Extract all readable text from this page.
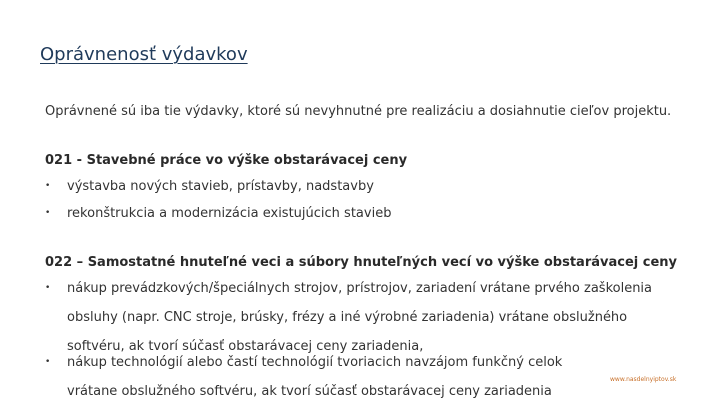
Oprávnenosť výdavkov
Oprávnené sú iba tie výdavky, ktoré sú nevyhnutné pre realizáciu a dosiahnutie cieľov projektu.
021 - Stavebné práce vo výške obstarávacej ceny
• výstavba nových stavieb, prístavby, nadstavby
• rekonštrukcia a modernizácia existujúcich stavieb
022 – Samostatné hnuteľné veci a súbory hnuteľných vecí vo výške obstarávacej ceny
• nákup prevádzkových/špeciálnych strojov, prístrojov, zariadení vrátane prvého zaškolenia obsluhy (napr. CNC stroje, brúsky, frézy a iné výrobné zariadenia) vrátane obslužného softvéru, ak tvorí súčasť obstarávacej ceny zariadenia,
• nákup technológií alebo častí technológií tvoriacich navzájom funkčný celok vrátane obslužného softvéru, ak tvorí súčasť obstarávacej ceny zariadenia
www.nasdelnyiptov.sk
